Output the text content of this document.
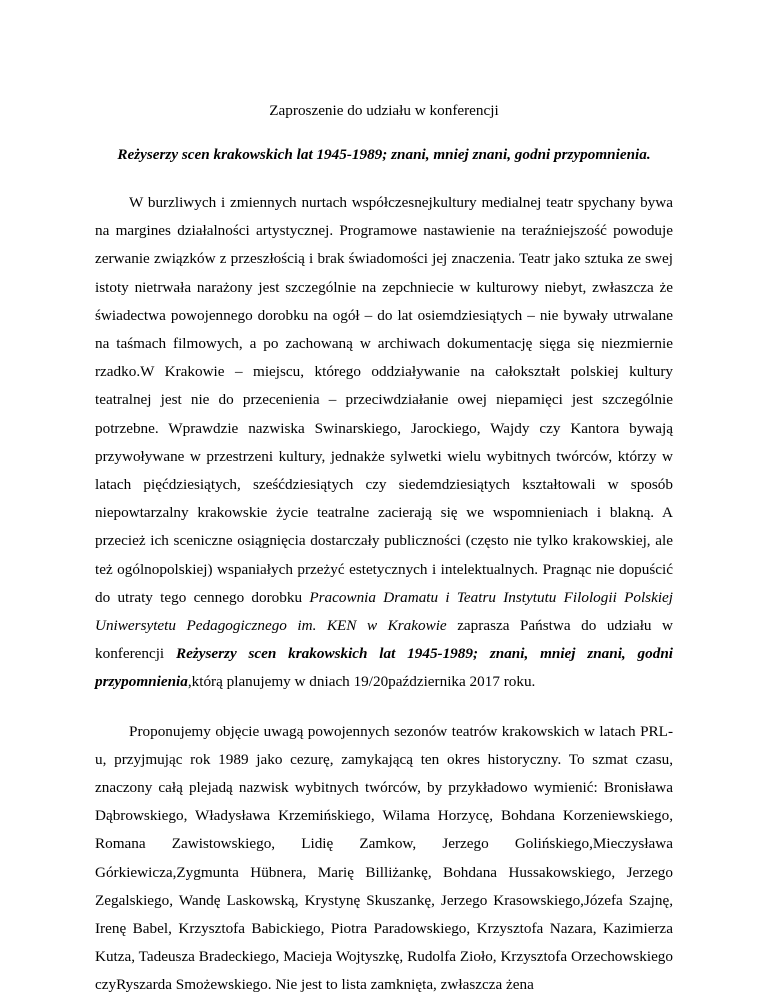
Zaproszenie do udziału w konferencji

Reżyserzy scen krakowskich lat 1945-1989; znani, mniej znani, godni przypomnienia.

W burzliwych i zmiennych nurtach współczesnejkultury medialnej teatr spychany bywa na margines działalności artystycznej. Programowe nastawienie na teraźniejszość powoduje zerwanie związków z przeszłością i brak świadomości jej znaczenia. Teatr jako sztuka ze swej istoty nietrwała narażony jest szczególnie na zepchniecie w kulturowy niebyt, zwłaszcza że świadectwa powojennego dorobku na ogół – do lat osiemdziesiątych – nie bywały utrwalane na taśmach filmowych, a po zachowaną w archiwach dokumentację sięga się niezmiernie rzadko.W Krakowie – miejscu, którego oddziaływanie na całokształt polskiej kultury teatralnej jest nie do przecenienia – przeciwdziałanie owej niepamięci jest szczególnie potrzebne. Wprawdzie nazwiska Swinarskiego, Jarockiego, Wajdy czy Kantora bywają przywoływane w przestrzeni kultury, jednakże sylwetki wielu wybitnych twórców, którzy w latach pięćdziesiątych, sześćdziesiątych czy siedemdziesiątych kształtowali w sposób niepowtarzalny krakowskie życie teatralne zacierają się we wspomnieniach i blakną. A przecież ich sceniczne osiągnięcia dostarczały publiczności (często nie tylko krakowskiej, ale też ogólnopolskiej) wspaniałych przeżyć estetycznych i intelektualnych. Pragnąc nie dopuścić do utraty tego cennego dorobku Pracownia Dramatu i Teatru Instytutu Filologii Polskiej Uniwersytetu Pedagogicznego im. KEN w Krakowie zaprasza Państwa do udziału w konferencji Reżyserzy scen krakowskich lat 1945-1989; znani, mniej znani, godni przypomnienia,którą planujemy w dniach 19/20października 2017 roku.

Proponujemy objęcie uwagą powojennych sezonów teatrów krakowskich w latach PRL-u, przyjmując rok 1989 jako cezurę, zamykającą ten okres historyczny. To szmat czasu, znaczony całą plejadą nazwisk wybitnych twórców, by przykładowo wymienić: Bronisława Dąbrowskiego, Władysława Krzemińskiego, Wilama Horzycę, Bohdana Korzeniewskiego, Romana Zawistowskiego, Lidię Zamkow, Jerzego Golińskiego,Mieczysława Górkiewicza,Zygmunta Hübnera, Marię Billiżankę, Bohdana Hussakowskiego, Jerzego Zegalskiego, Wandę Laskowską, Krystynę Skuszankę, Jerzego Krasowskiego,Józefa Szajnę, Irenę Babel, Krzysztofa Babickiego, Piotra Paradowskiego, Krzysztofa Nazara, Kazimierza Kutza, Tadeusza Bradeckiego, Macieja Wojtyszkę, Rudolfa Zioło, Krzysztofa Orzechowskiego czyRyszarda Smożewskiego. Nie jest to lista zamknięta, zwłaszcza żena
